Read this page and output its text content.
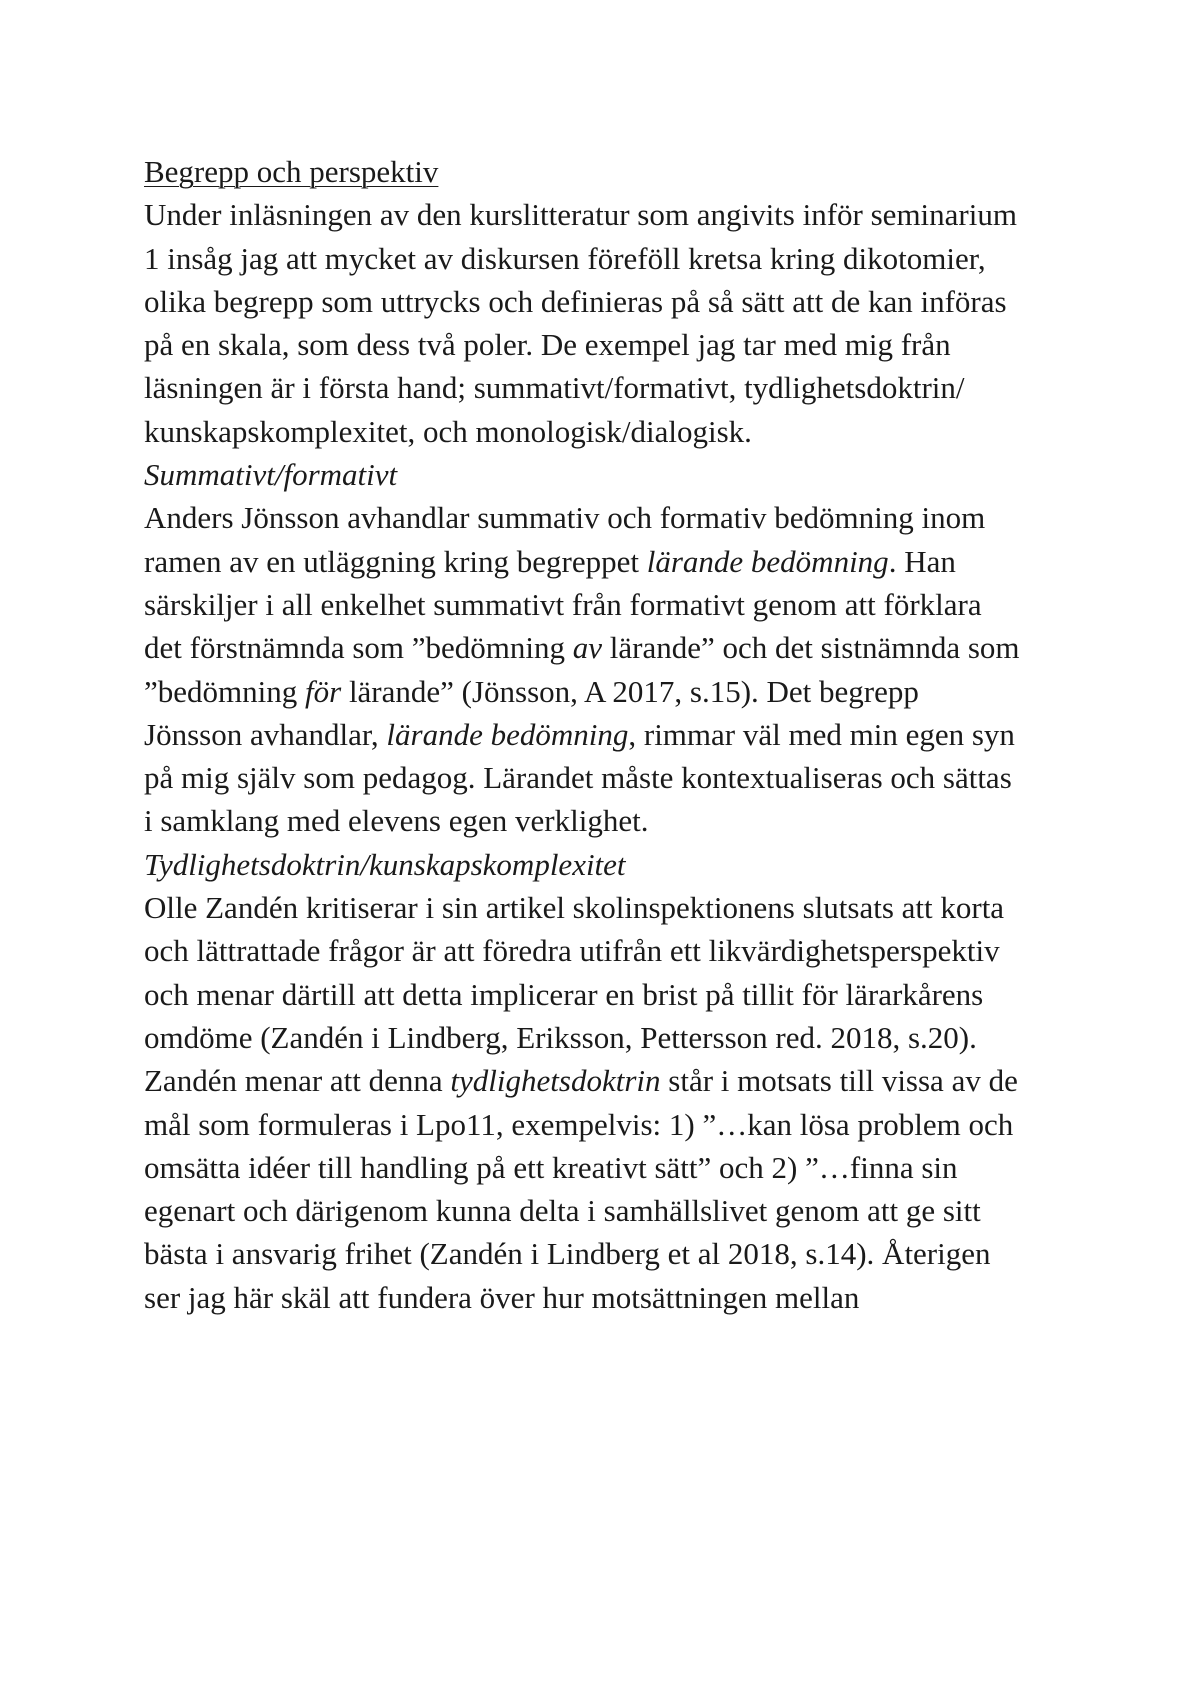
Begrepp och perspektiv
Under inläsningen av den kurslitteratur som angivits inför seminarium
1 insåg jag att mycket av diskursen föreföll kretsa kring dikotomier,
olika begrepp som uttrycks och definieras på så sätt att de kan införas
på en skala, som dess två poler. De exempel jag tar med mig från
läsningen är i första hand; summativt/formativt, tydlighetsdoktrin/
kunskapskomplexitet, och monologisk/dialogisk.
Summativt/formativt
Anders Jönsson avhandlar summativ och formativ bedömning inom
ramen av en utläggning kring begreppet lärande bedömning. Han
särskiljer i all enkelhet summativt från formativt genom att förklara
det förstnämnda som ”bedömning av lärande” och det sistnämnda som
”bedömning för lärande” (Jönsson, A 2017, s.15). Det begrepp
Jönsson avhandlar, lärande bedömning, rimmar väl med min egen syn
på mig själv som pedagog. Lärandet måste kontextualiseras och sättas
i samklang med elevens egen verklighet.
Tydlighetsdoktrin/kunskapskomplexitet
Olle Zandén kritiserar i sin artikel skolinspektionens slutsats att korta
och lättrattade frågor är att föredra utifrån ett likvärdighetsperspektiv
och menar därtill att detta implicerar en brist på tillit för lärarkårens
omdöme (Zandén i Lindberg, Eriksson, Pettersson red. 2018, s.20).
Zandén menar att denna tydlighetsdoktrin står i motsats till vissa av de
mål som formuleras i Lpo11, exempelvis: 1) ”…kan lösa problem och
omsätta idéer till handling på ett kreativt sätt” och 2) ”…finna sin
egenart och därigenom kunna delta i samhällslivet genom att ge sitt
bästa i ansvarig frihet (Zandén i Lindberg et al 2018, s.14). Återigen
ser jag här skäl att fundera över hur motsättningen mellan
